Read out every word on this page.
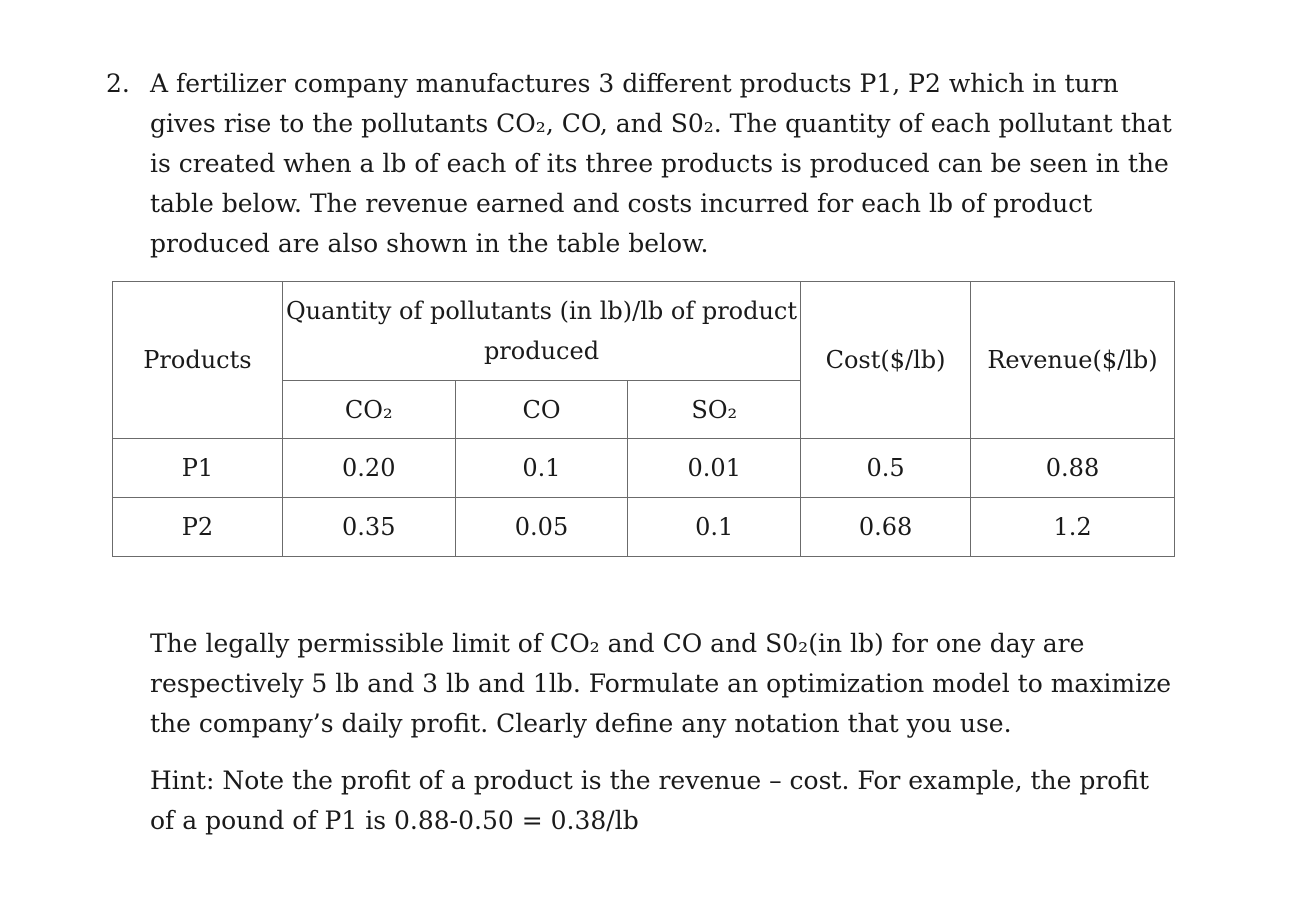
2. A fertilizer company manufactures 3 different products P1, P2 which in turn gives rise to the pollutants CO₂, CO, and S0₂. The quantity of each pollutant that is created when a lb of each of its three products is produced can be seen in the table below. The revenue earned and costs incurred for each lb of product produced are also shown in the table below.
Products	Quantity of pollutants (in lb)/lb of product produced			Cost($/lb)	Revenue($/lb)
	CO₂	CO	SO₂		
P1	0.20	0.1	0.01	0.5	0.88
P2	0.35	0.05	0.1	0.68	1.2
The legally permissible limit of CO₂ and CO and S0₂(in lb) for one day are respectively 5 lb and 3 lb and 1lb. Formulate an optimization model to maximize the company’s daily profit. Clearly define any notation that you use.
Hint: Note the profit of a product is the revenue – cost. For example, the profit of a pound of P1 is 0.88-0.50 = 0.38/lb
